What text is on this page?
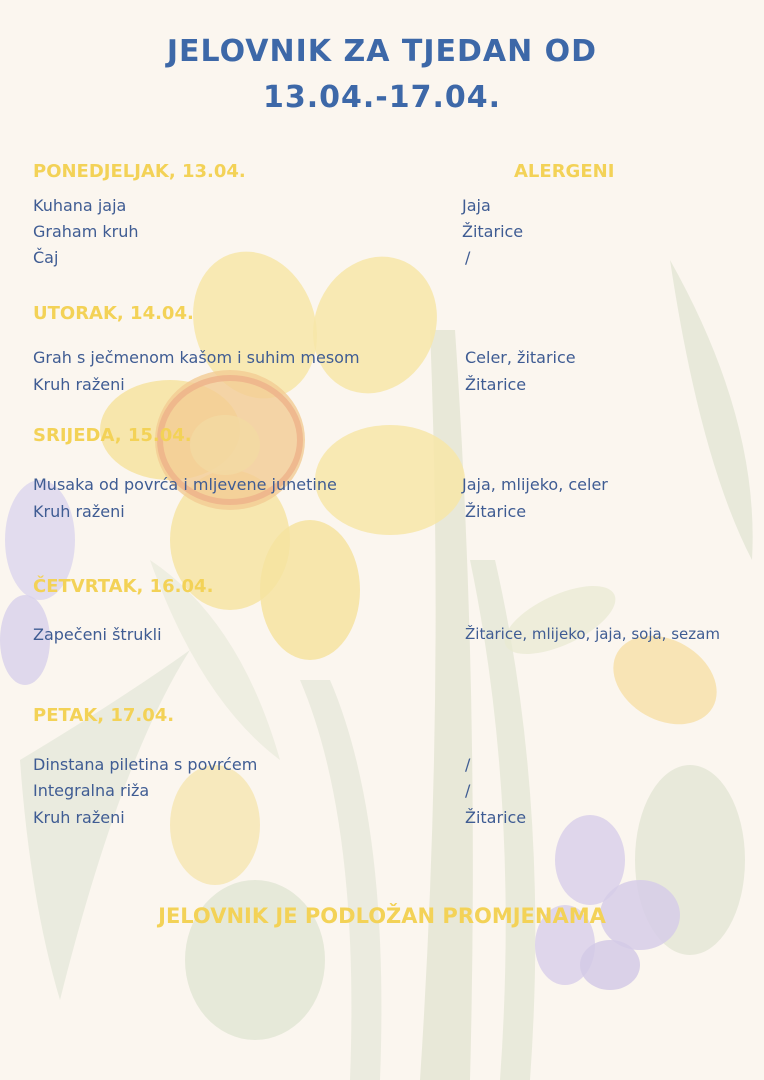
JELOVNIK ZA TJEDAN OD
13.04.-17.04.
ALERGENI
PONEDJELJAK, 13.04.
Kuhana jaja	Jaja
Graham kruh	Žitarice
Čaj	/
UTORAK, 14.04.
Grah s ječmenom kašom i suhim mesom	Celer, žitarice
Kruh raženi	Žitarice
SRIJEDA, 15.04.
Musaka od povrća i mljevene junetine	Jaja, mlijeko, celer
Kruh raženi	Žitarice
ČETVRTAK, 16.04.
Zapečeni štrukli	Žitarice, mlijeko, jaja, soja, sezam
PETAK, 17.04.
Dinstana piletina s povrćem	/
Integralna riža	/
Kruh raženi	Žitarice
JELOVNIK JE PODLOŽAN PROMJENAMA
